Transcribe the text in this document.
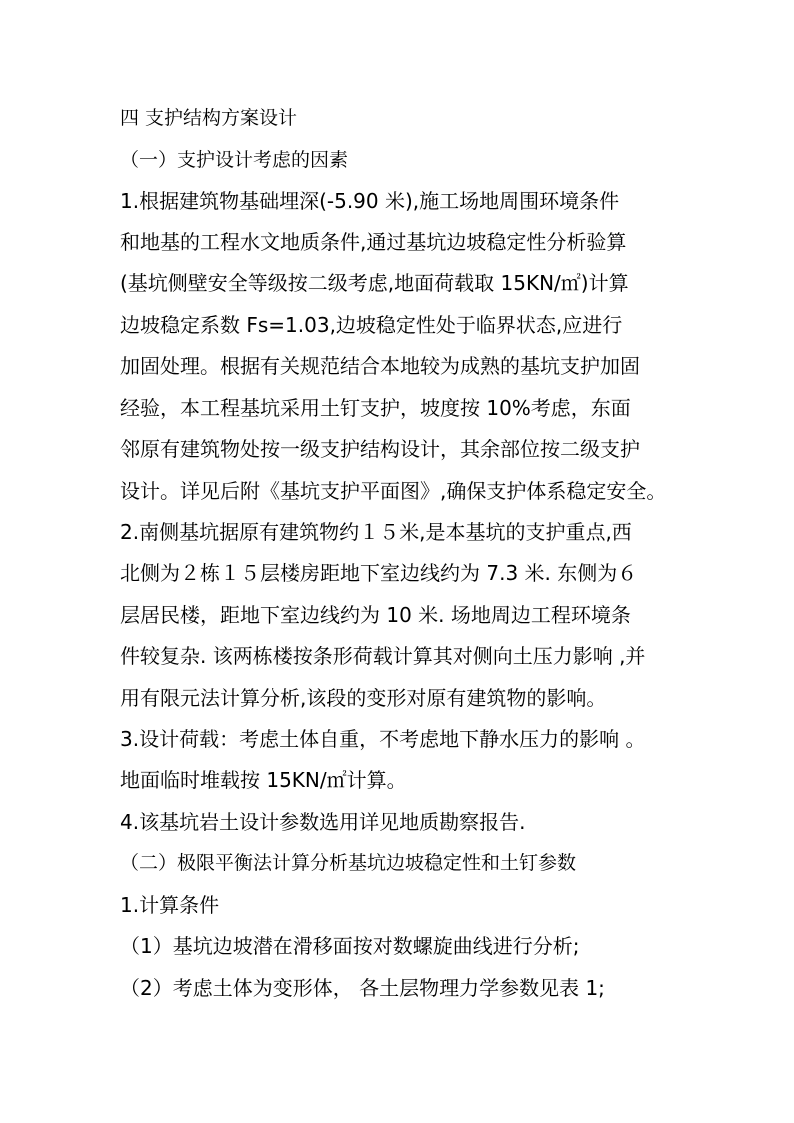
四 支护结构方案设计
（一）支护设计考虑的因素
1.根据建筑物基础埋深(-5.90 米),施工场地周围环境条件
和地基的工程水文地质条件,通过基坑边坡稳定性分析验算
(基坑侧壁安全等级按二级考虑,地面荷载取 15KN/㎡)计算
边坡稳定系数 Fs=1.03,边坡稳定性处于临界状态,应进行
加固处理。根据有关规范结合本地较为成熟的基坑支护加固
经验，本工程基坑采用土钉支护，坡度按 10%考虑，东面
邻原有建筑物处按一级支护结构设计，其余部位按二级支护
设计。详见后附《基坑支护平面图》,确保支护体系稳定安全。
2.南侧基坑据原有建筑物约１５米,是本基坑的支护重点,西
北侧为２栋１５层楼房距地下室边线约为 7.3 米. 东侧为６
层居民楼，距地下室边线约为 10 米. 场地周边工程环境条
件较复杂. 该两栋楼按条形荷载计算其对侧向土压力影响 ,并
用有限元法计算分析,该段的变形对原有建筑物的影响。
3.设计荷载：考虑土体自重，不考虑地下静水压力的影响 。
地面临时堆载按 15KN/㎡计算。
4.该基坑岩土设计参数选用详见地质勘察报告.
（二）极限平衡法计算分析基坑边坡稳定性和土钉参数
1.计算条件
（1）基坑边坡潜在滑移面按对数螺旋曲线进行分析;
（2）考虑土体为变形体， 各土层物理力学参数见表 1;
